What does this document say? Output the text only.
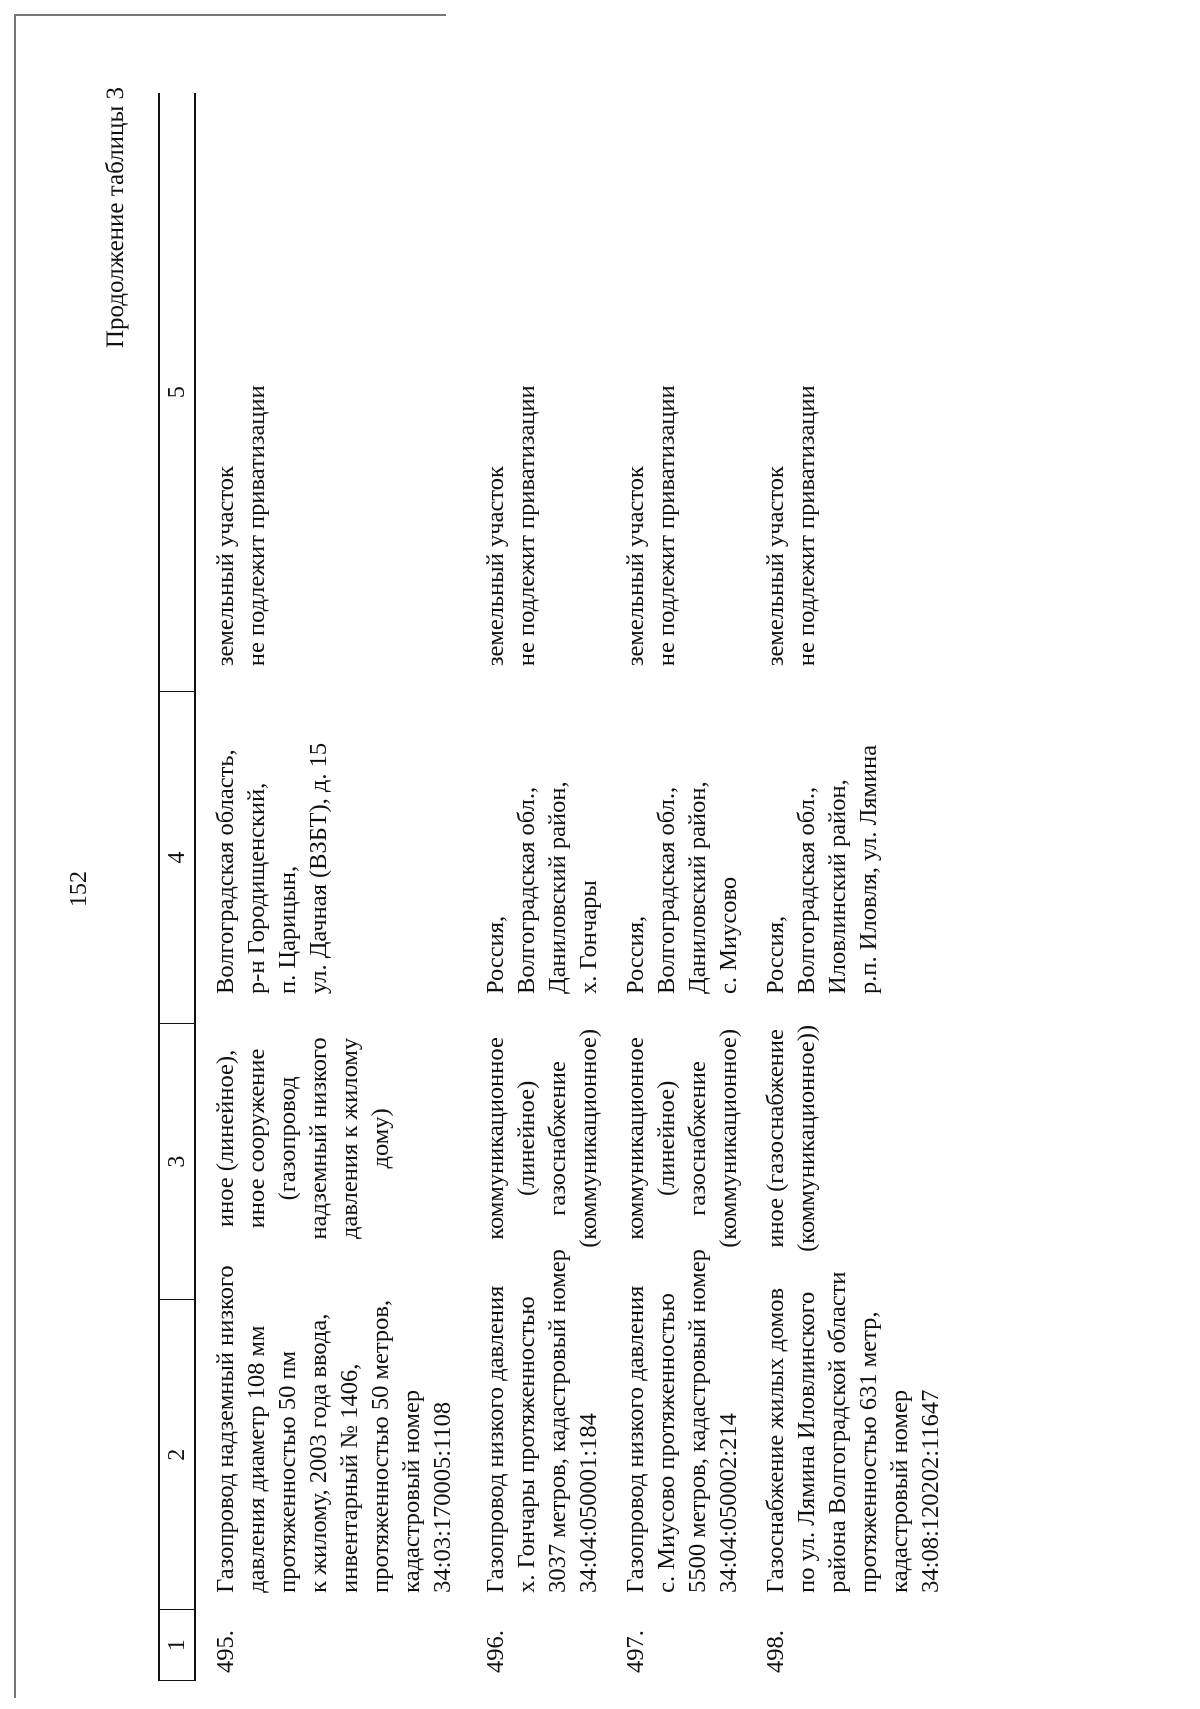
152
Продолжение таблицы 3
1
2
3
4
5
495.
Газопровод надземный низкого давления диаметр 108 мм протяженностью 50 пм к жилому, 2003 года ввода, инвентарный № 1406, протяженностью 50 метров, кадастровый номер 34:03:170005:1108
иное (линейное), иное сооружение (газопровод надземный низкого давления к жилому дому)
Волгоградская область, р-н Городищенский, п. Царицын, ул. Дачная (ВЗБТ), д. 15
земельный участок не подлежит приватизации
496.
Газопровод низкого давления х. Гончары протяженностью 3037 метров, кадастровый номер 34:04:050001:184
коммуникационное (линейное) газоснабжение (коммуникационное)
Россия, Волгоградская обл., Даниловский район, х. Гончары
земельный участок не подлежит приватизации
497.
Газопровод низкого давления с. Миусово протяженностью 5500 метров, кадастровый номер 34:04:050002:214
коммуникационное (линейное) газоснабжение (коммуникационное)
Россия, Волгоградская обл., Даниловский район, с. Миусово
земельный участок не подлежит приватизации
498.
Газоснабжение жилых домов по ул. Лямина Иловлинского района Волгоградской области протяженностью 631 метр, кадастровый номер 34:08:120202:11647
иное (газоснабжение (коммуникационное))
Россия, Волгоградская обл., Иловлинский район, р.п. Иловля, ул. Лямина
земельный участок не подлежит приватизации
